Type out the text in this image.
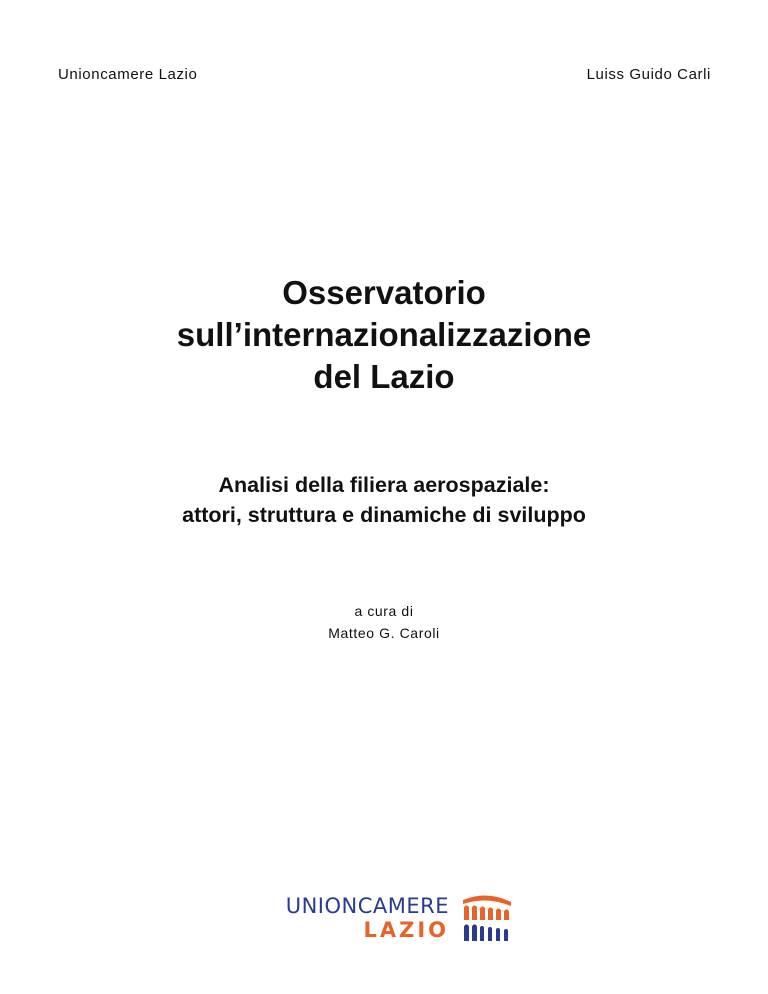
Unioncamere Lazio	Luiss Guido Carli
Osservatorio
sull’internazionalizzazione
del Lazio
Analisi della filiera aerospaziale:
attori, struttura e dinamiche di sviluppo
a cura di
Matteo G. Caroli
UNIONCAMERE
LAZIO
